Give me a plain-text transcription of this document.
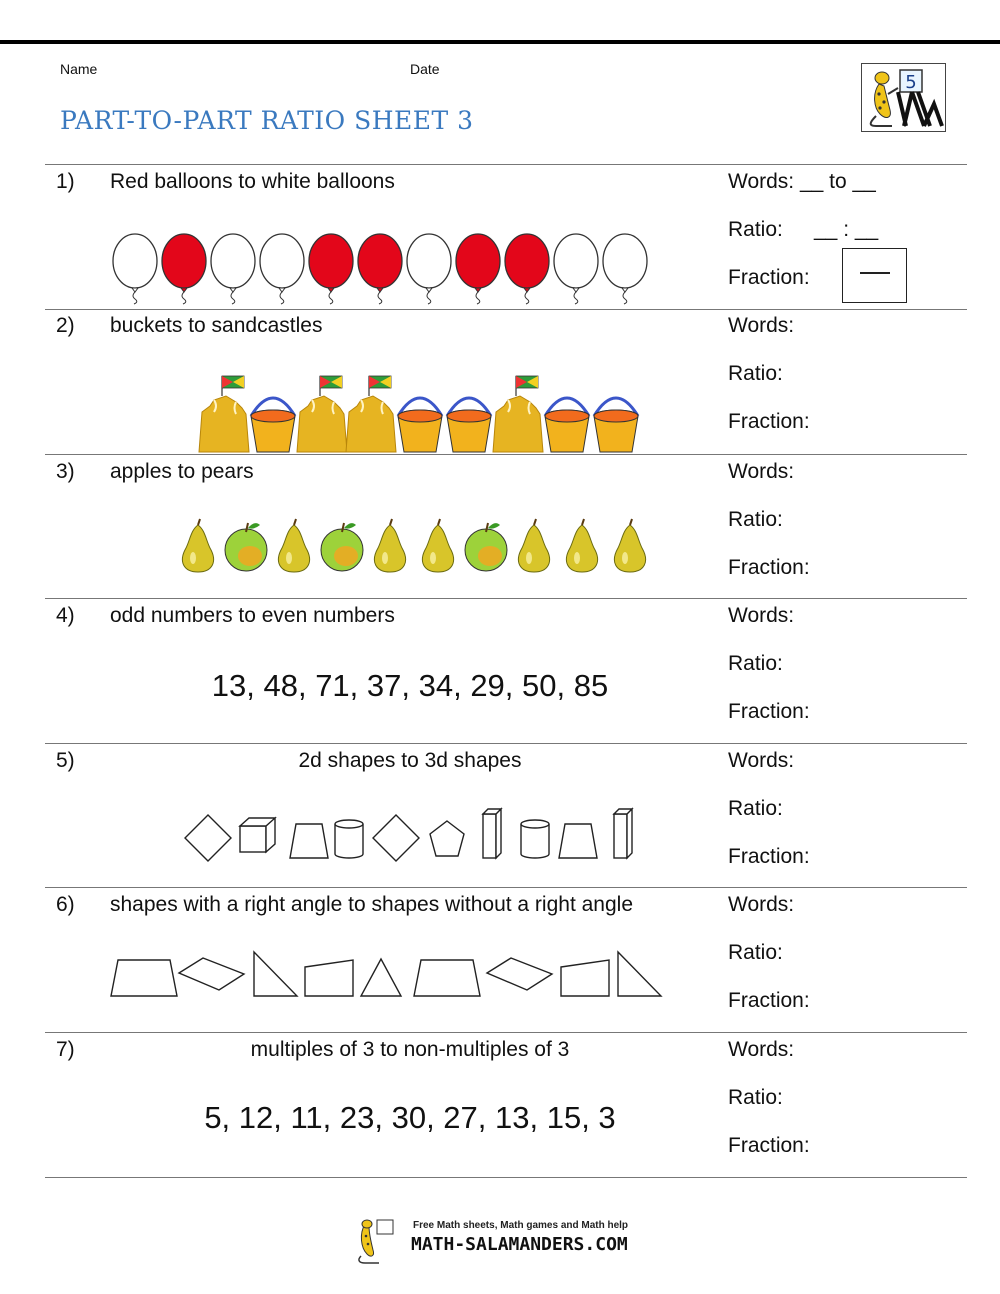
Name	Date
PART-TO-PART RATIO SHEET 3
5
1) Red balloons to white balloons	Words: __ to __
Ratio: __ : __
Fraction:
2) buckets to sandcastles	Words:
Ratio:
Fraction:
3) apples to pears	Words:
Ratio:
Fraction:
4) odd numbers to even numbers
13, 48, 71, 37, 34, 29, 50, 85
Words:
Ratio:
Fraction:
5)	2d shapes to 3d shapes	Words:
Ratio:
Fraction:
6) shapes with a right angle to shapes without a right angle	Words:
Ratio:
Fraction:
7)	multiples of 3 to non-multiples of 3
5, 12, 11, 23, 30, 27, 13, 15, 3
Words:
Ratio:
Fraction:
Free Math sheets, Math games and Math help
MATH-SALAMANDERS.COM
